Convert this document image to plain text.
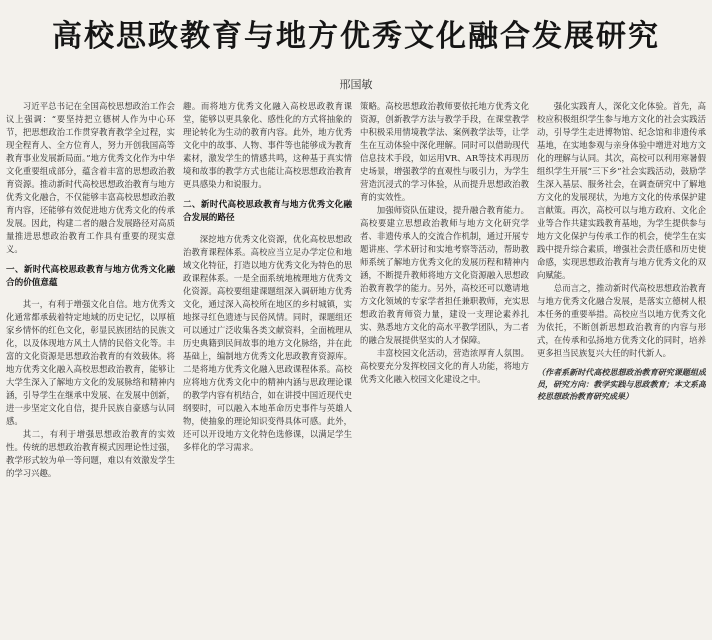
高校思政教育与地方优秀文化融合发展研究
邢国敏

习近平总书记在全国高校思想政治工作会议上强调：“要坚持把立德树人作为中心环节，把思想政治工作贯穿教育教学全过程，实现全程育人、全方位育人，努力开创我国高等教育事业发展新局面。”地方优秀文化作为中华文化重要组成部分，蕴含着丰富的思想政治教育资源。推动新时代高校思想政治教育与地方优秀文化融合，不仅能够丰富高校思想政治教育内容，还能够有效促进地方优秀文化的传承发展。因此，构建二者的融合发展路径对高质量推进思想政治教育工作具有重要的现实意义。

一、新时代高校思政教育与地方优秀文化融合的价值意蕴

其一，有利于增强文化自信。地方优秀文化通常都承载着特定地域的历史记忆，以厚植家乡情怀的红色文化，彰显民族团结的民族文化，以及体现地方风土人情的民俗文化等。丰富的文化资源是思想政治教育的有效载体。将地方优秀文化融入高校思想政治教育，能够让大学生深入了解地方文化的发展脉络和精神内涵，引导学生在继承中发展、在发展中创新，进一步坚定文化自信，提升民族自豪感与认同感。

其二，有利于增强思想政治教育的实效性。传统的思想政治教育模式因理论性过强，教学形式较为单一等问题，难以有效激发学生的学习兴趣。

趣。而将地方优秀文化融入高校思政教育课堂，能够以更具象化、感性化的方式将抽象的理论转化为生动的教育内容。此外，地方优秀文化中的故事、人物、事件等也能够成为教育素材，激发学生的情感共鸣，这种基于真实情境和故事的教学方式也能让高校思想政治教育更具感染力和说服力。

二、新时代高校思政教育与地方优秀文化融合发展的路径

深挖地方优秀文化资源，优化高校思想政治教育课程体系。高校应当立足办学定位和地域文化特征，打造以地方优秀文化为特色的思政课程体系。一是全面系统地梳理地方优秀文化资源。高校要组建课题组深入调研地方优秀文化，通过深入高校所在地区的乡村城镇，实地探寻红色遗迹与民俗风情。同时，课题组还可以通过广泛收集各类文献资料，全面梳理从历史典籍到民间故事的地方文化脉络，并在此基础上，编制地方优秀文化思政教育资源库。二是将地方优秀文化融入思政课程体系。高校应将地方优秀文化中的精神内涵与思政理论课的教学内容有机结合，如在讲授中国近现代史纲要时，可以融入本地革命历史事件与英雄人物，使抽象的理论知识变得具体可感。此外，还可以开设地方文化特色选修课，以满足学生多样化的学习需求。

策略。高校思想政治教师要依托地方优秀文化资源，创新教学方法与教学手段，在课堂教学中积极采用情境教学法、案例教学法等，让学生在互动体验中深化理解。同时可以借助现代信息技术手段，如运用VR、AR等技术再现历史场景，增强教学的直观性与吸引力，为学生营造沉浸式的学习体验，从而提升思想政治教育的实效性。

加强师资队伍建设，提升融合教育能力。高校要建立思想政治教师与地方文化研究学者、非遗传承人的交流合作机制，通过开展专题讲座、学术研讨和实地考察等活动，帮助教师系统了解地方优秀文化的发展历程和精神内涵，不断提升教师将地方文化资源融入思想政治教育教学的能力。另外，高校还可以邀请地方文化领域的专家学者担任兼职教师，充实思想政治教育师资力量，建设一支理论素养扎实、熟悉地方文化的高水平教学团队，为二者的融合发展提供坚实的人才保障。

丰富校园文化活动，营造浓厚育人氛围。高校要充分发挥校园文化的育人功能，将地方优秀文化融入校园文化建设之中。

强化实践育人，深化文化体验。首先，高校应积极组织学生参与地方文化的社会实践活动，引导学生走进博物馆、纪念馆和非遗传承基地，在实地参观与亲身体验中增进对地方文化的理解与认同。其次，高校可以利用寒暑假组织学生开展“三下乡”社会实践活动，鼓励学生深入基层、服务社会，在调查研究中了解地方文化的发展现状，为地方文化的传承保护建言献策。再次，高校可以与地方政府、文化企业等合作共建实践教育基地，为学生提供参与地方文化保护与传承工作的机会，使学生在实践中提升综合素质，增强社会责任感和历史使命感，实现思想政治教育与地方优秀文化的双向赋能。

总而言之，推动新时代高校思想政治教育与地方优秀文化融合发展，是落实立德树人根本任务的重要举措。高校应当以地方优秀文化为依托，不断创新思想政治教育的内容与形式，在传承和弘扬地方优秀文化的同时，培养更多担当民族复兴大任的时代新人。

（作者系新时代高校思想政治教育研究课题组成员，研究方向：教学实践与思政教育；本文系高校思想政治教育研究成果）
